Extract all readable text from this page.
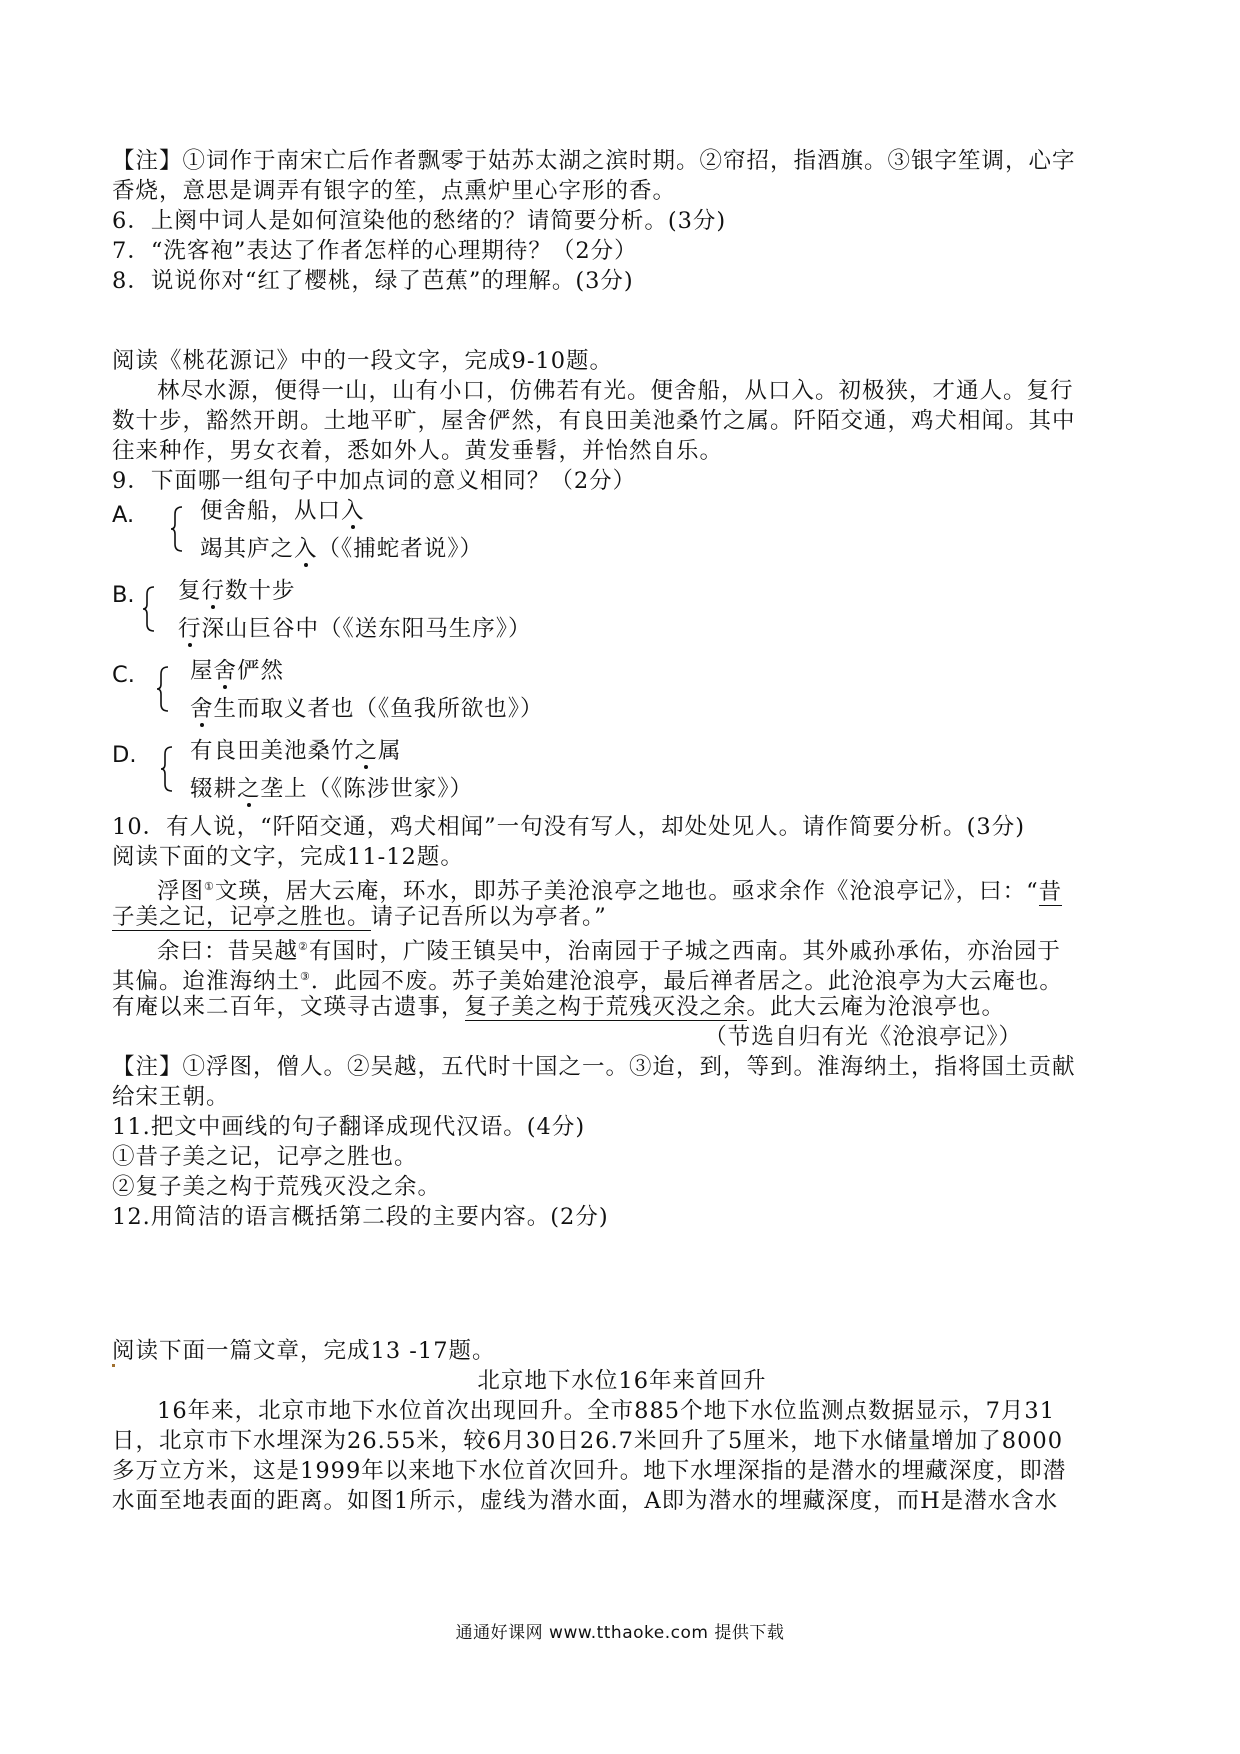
【注】①词作于南宋亡后作者飘零于姑苏太湖之滨时期。②帘招，指酒旗。③银字笙调，心字
香烧，意思是调弄有银字的笙，点熏炉里心字形的香。
6．上阕中词人是如何渲染他的愁绪的？请简要分析。(3分)
7．“洗客袍”表达了作者怎样的心理期待？（2分）
8．说说你对“红了樱桃，绿了芭蕉”的理解。(3分)
阅读《桃花源记》中的一段文字，完成9-10题。
林尽水源，便得一山，山有小口，仿佛若有光。便舍船，从口入。初极狭，才通人。复行
数十步，豁然开朗。土地平旷，屋舍俨然，有良田美池桑竹之属。阡陌交通，鸡犬相闻。其中
往来种作，男女衣着，悉如外人。黄发垂髫，并怡然自乐。
9．下面哪一组句子中加点词的意义相同？（2分）
A.	便舍船，从口入
竭其庐之入（《捕蛇者说》）
B. 复行数十步
行深山巨谷中（《送东阳马生序》）
C. 屋舍俨然
舍生而取义者也（《鱼我所欲也》）
D. 有良田美池桑竹之属
辍耕之垄上（《陈涉世家》）
10．有人说，“阡陌交通，鸡犬相闻”一句没有写人，却处处见人。请作简要分析。(3分)
阅读下面的文字，完成11-12题。
浮图①文瑛，居大云庵，环水，即苏子美沧浪亭之地也。亟求余作《沧浪亭记》，曰：“昔
子美之记，记亭之胜也。请子记吾所以为亭者。”
余曰：昔吴越②有国时，广陵王镇吴中，治南园于子城之西南。其外戚孙承佑，亦治园于
其偏。迨淮海纳土③．此园不废。苏子美始建沧浪亭，最后禅者居之。此沧浪亭为大云庵也。
有庵以来二百年，文瑛寻古遗事，复子美之构于荒残灭没之余。此大云庵为沧浪亭也。
（节选自归有光《沧浪亭记》）
【注】①浮图，僧人。②吴越，五代时十国之一。③迨，到，等到。淮海纳土，指将国土贡献
给宋王朝。
11.把文中画线的句子翻译成现代汉语。(4分)
①昔子美之记，记亭之胜也。
②复子美之构于荒残灭没之余。
12.用简洁的语言概括第二段的主要内容。(2分)
阅读下面一篇文章，完成13 -17题。
北京地下水位16年来首回升
16年来，北京市地下水位首次出现回升。全市885个地下水位监测点数据显示，7月31
日，北京市下水埋深为26.55米，较6月30日26.7米回升了5厘米，地下水储量增加了8000
多万立方米，这是1999年以来地下水位首次回升。地下水埋深指的是潜水的埋藏深度，即潜
水面至地表面的距离。如图1所示，虚线为潜水面，A即为潜水的埋藏深度，而H是潜水含水
通通好课网 www.tthaoke.com 提供下载
